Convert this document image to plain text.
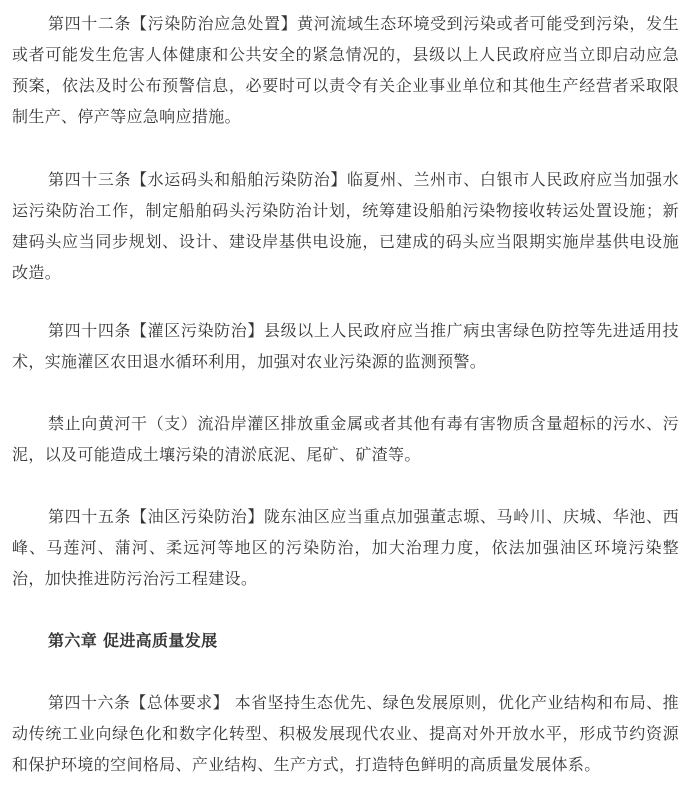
第四十二条【污染防治应急处置】黄河流域生态环境受到污染或者可能受到污染，发生或者可能发生危害人体健康和公共安全的紧急情况的，县级以上人民政府应当立即启动应急预案，依法及时公布预警信息，必要时可以责令有关企业事业单位和其他生产经营者采取限制生产、停产等应急响应措施。

第四十三条【水运码头和船舶污染防治】临夏州、兰州市、白银市人民政府应当加强水运污染防治工作，制定船舶码头污染防治计划，统筹建设船舶污染物接收转运处置设施；新建码头应当同步规划、设计、建设岸基供电设施，已建成的码头应当限期实施岸基供电设施改造。

第四十四条【灌区污染防治】县级以上人民政府应当推广病虫害绿色防控等先进适用技术，实施灌区农田退水循环利用，加强对农业污染源的监测预警。

禁止向黄河干（支）流沿岸灌区排放重金属或者其他有毒有害物质含量超标的污水、污泥，以及可能造成土壤污染的清淤底泥、尾矿、矿渣等。

第四十五条【油区污染防治】陇东油区应当重点加强董志塬、马岭川、庆城、华池、西峰、马莲河、蒲河、柔远河等地区的污染防治，加大治理力度，依法加强油区环境污染整治，加快推进防污治污工程建设。

第六章 促进高质量发展

第四十六条【总体要求】 本省坚持生态优先、绿色发展原则，优化产业结构和布局、推动传统工业向绿色化和数字化转型、积极发展现代农业、提高对外开放水平，形成节约资源和保护环境的空间格局、产业结构、生产方式，打造特色鲜明的高质量发展体系。
